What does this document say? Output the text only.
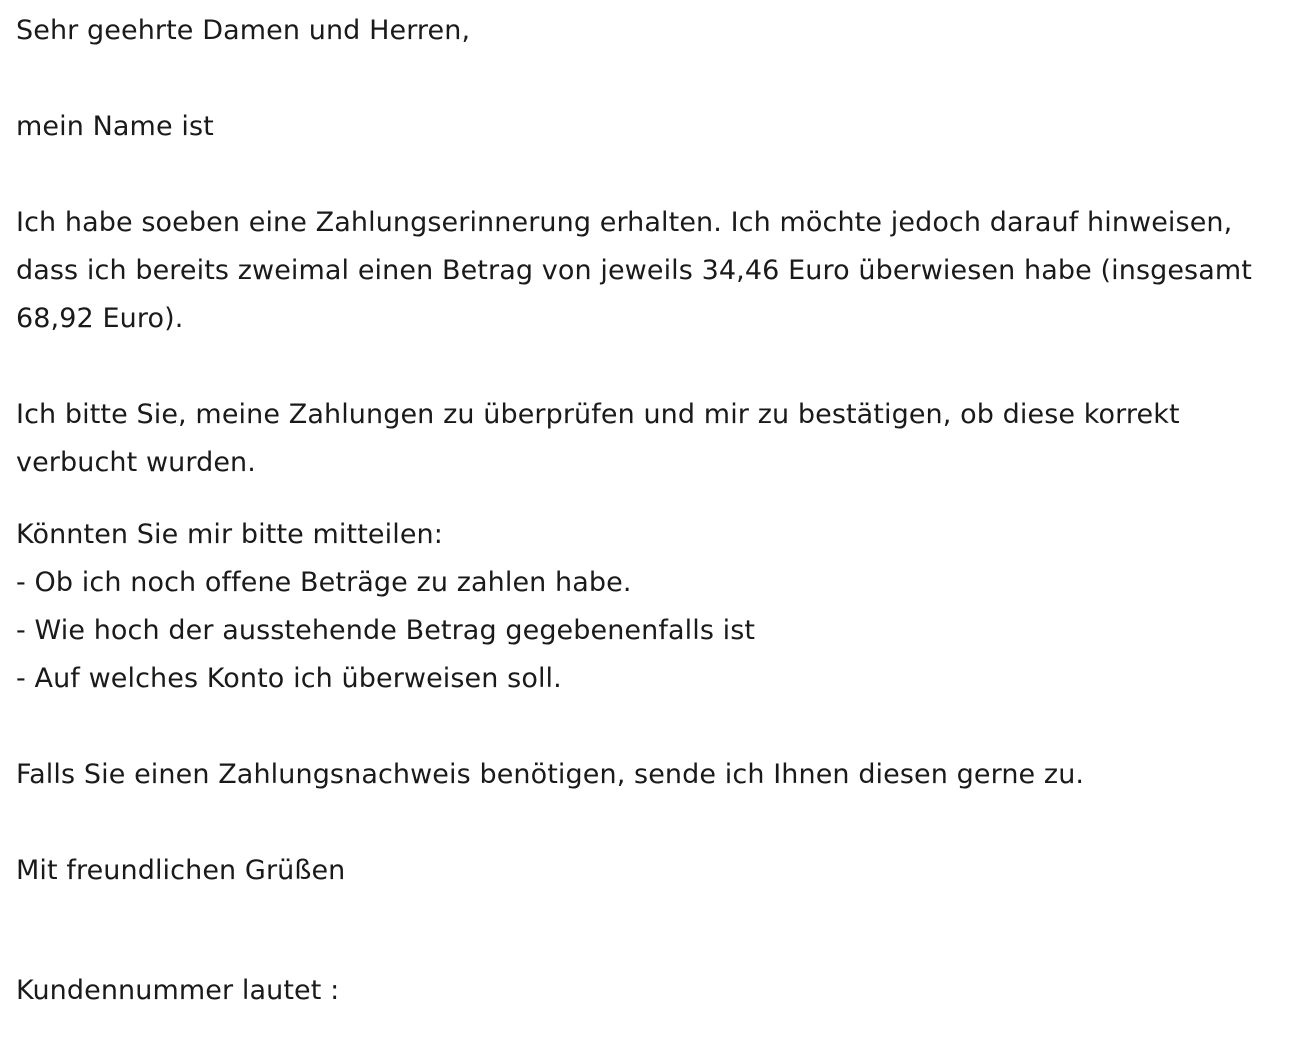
Sehr geehrte Damen und Herren,
mein Name ist
Ich habe soeben eine Zahlungserinnerung erhalten. Ich möchte jedoch darauf hinweisen,
dass ich bereits zweimal einen Betrag von jeweils 34,46 Euro überwiesen habe (insgesamt
68,92 Euro).
Ich bitte Sie, meine Zahlungen zu überprüfen und mir zu bestätigen, ob diese korrekt
verbucht wurden.
Könnten Sie mir bitte mitteilen:
- Ob ich noch offene Beträge zu zahlen habe.
- Wie hoch der ausstehende Betrag gegebenenfalls ist
- Auf welches Konto ich überweisen soll.
Falls Sie einen Zahlungsnachweis benötigen, sende ich Ihnen diesen gerne zu.
Mit freundlichen Grüßen
Kundennummer lautet :
